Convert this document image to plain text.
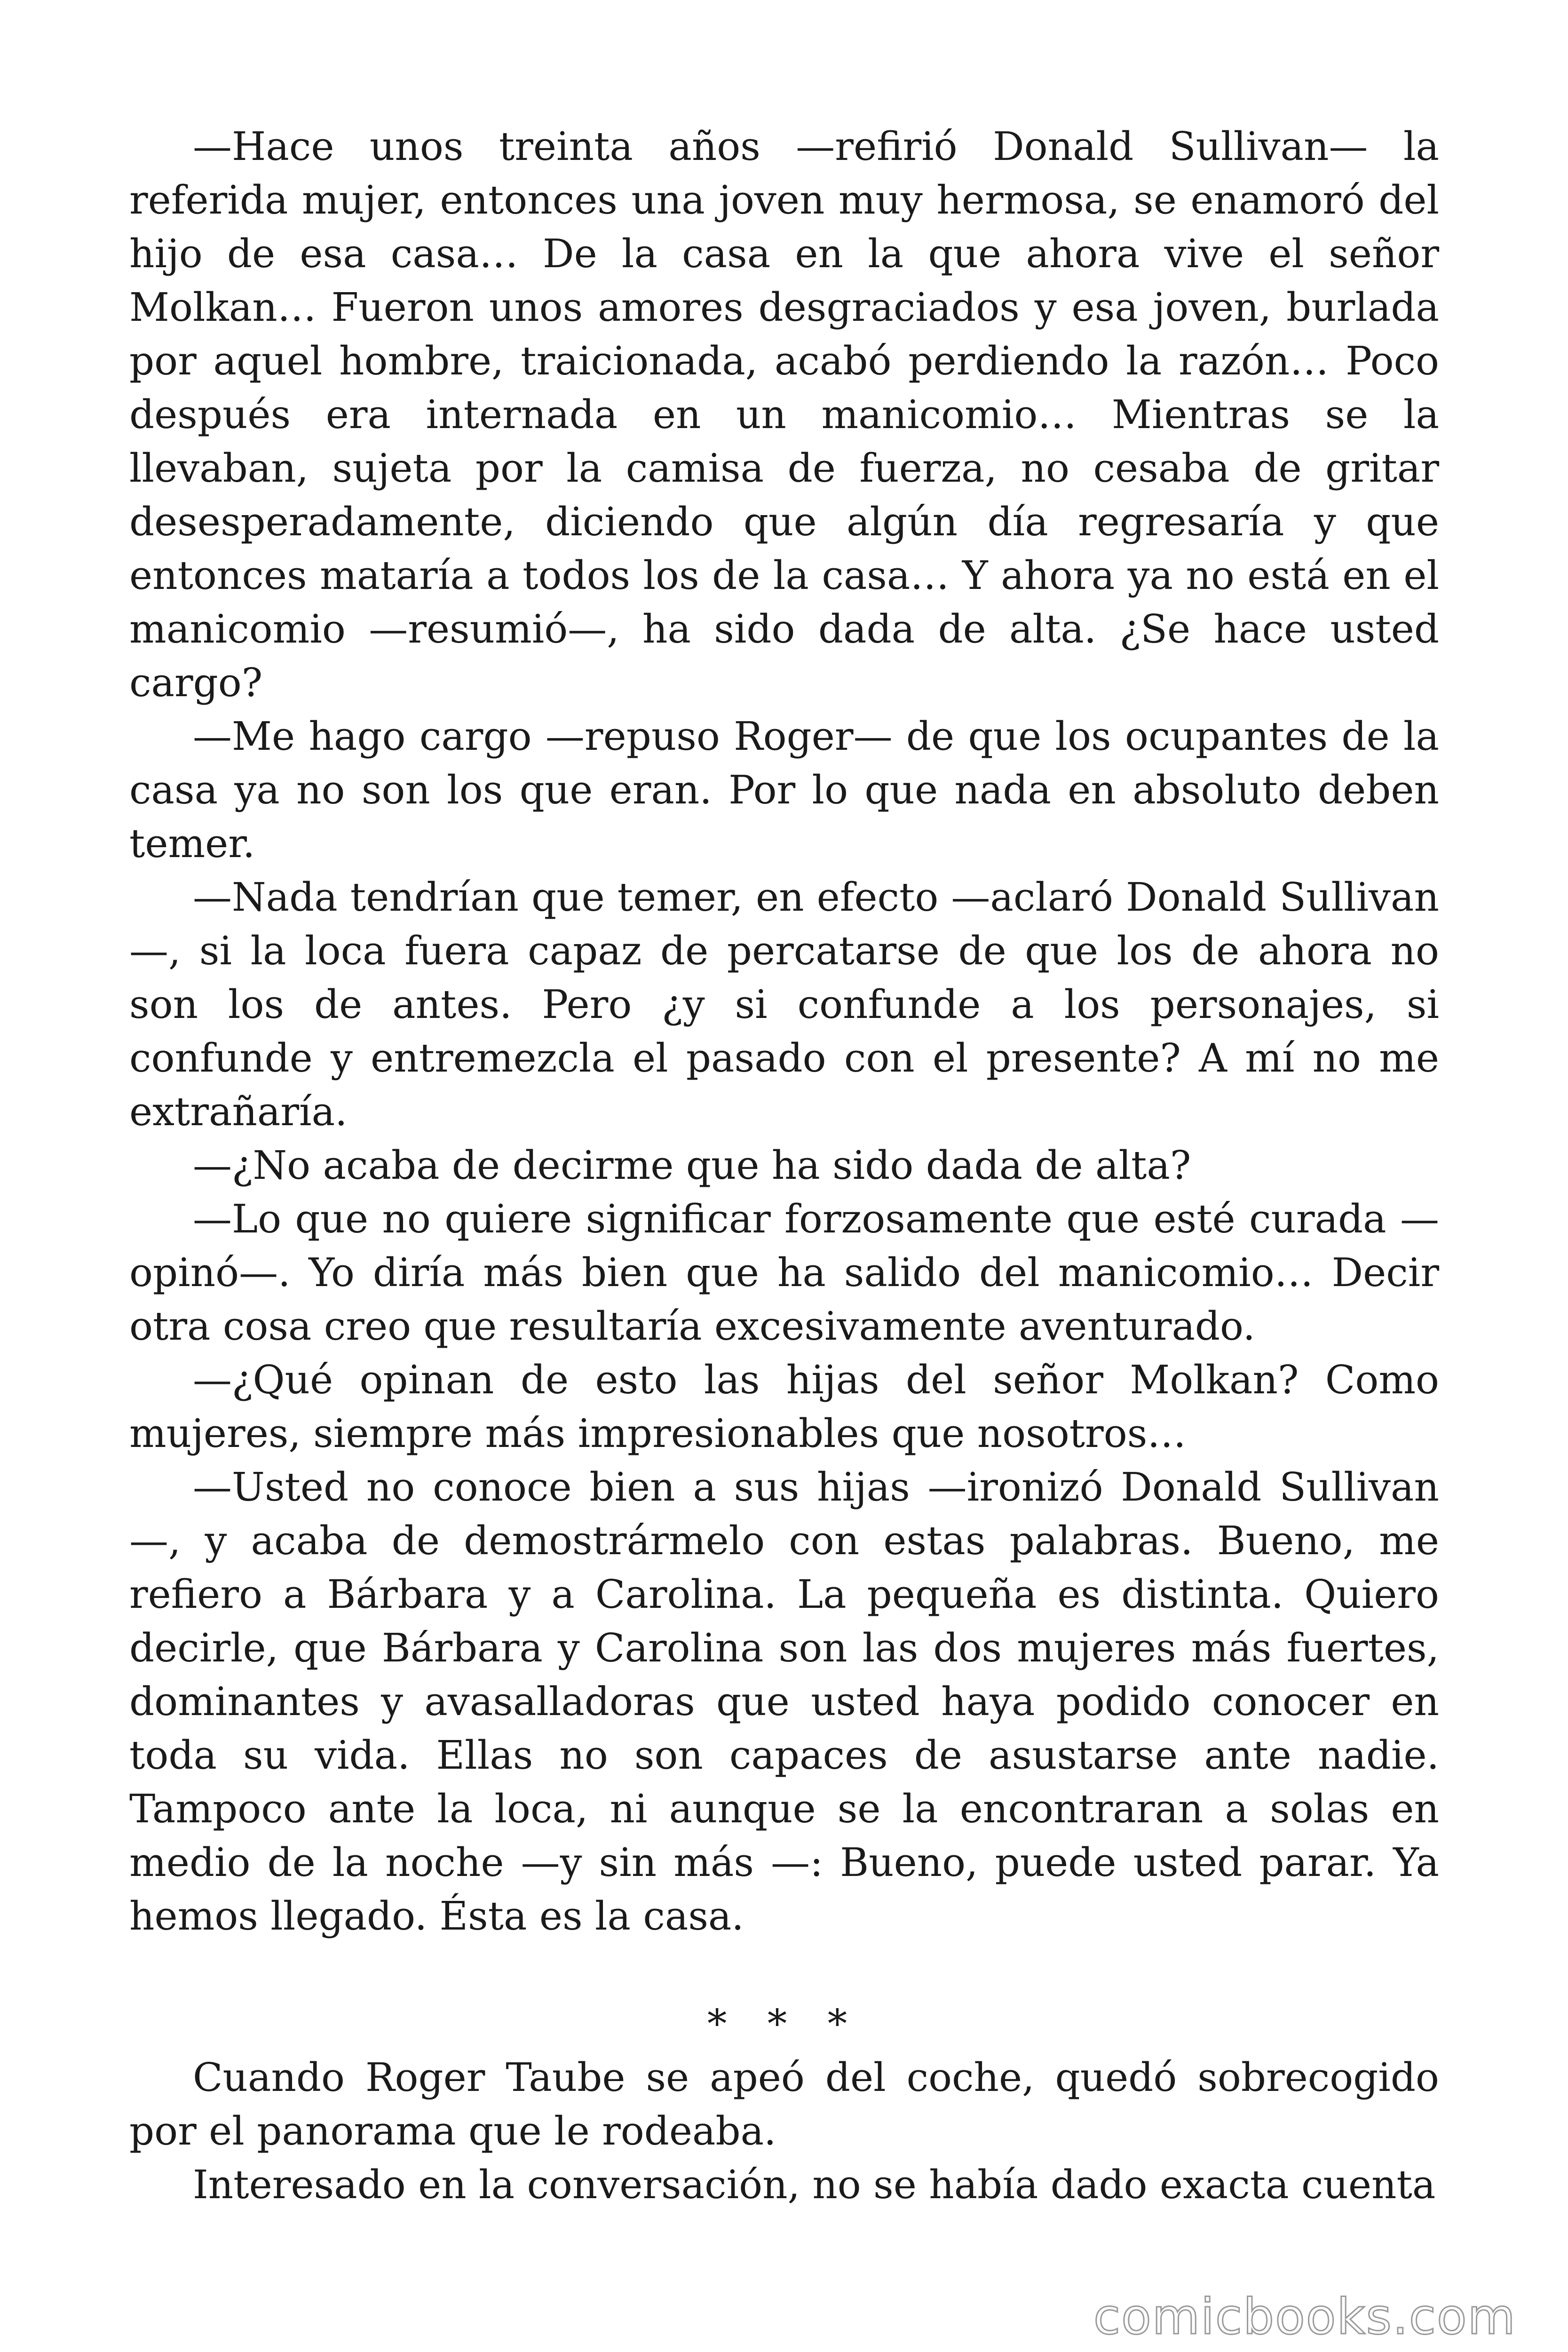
—Hace unos treinta años —refirió Donald Sullivan— la referida mujer, entonces una joven muy hermosa, se enamoró del hijo de esa casa… De la casa en la que ahora vive el señor Molkan… Fueron unos amores desgraciados y esa joven, burlada por aquel hombre, traicionada, acabó perdiendo la razón… Poco después era internada en un manicomio… Mientras se la llevaban, sujeta por la camisa de fuerza, no cesaba de gritar desesperadamente, diciendo que algún día regresaría y que entonces mataría a todos los de la casa… Y ahora ya no está en el manicomio —resumió—, ha sido dada de alta. ¿Se hace usted cargo?

—Me hago cargo —repuso Roger— de que los ocupantes de la casa ya no son los que eran. Por lo que nada en absoluto deben temer.

—Nada tendrían que temer, en efecto —aclaró Donald Sullivan —, si la loca fuera capaz de percatarse de que los de ahora no son los de antes. Pero ¿y si confunde a los personajes, si confunde y entremezcla el pasado con el presente? A mí no me extrañaría.

—¿No acaba de decirme que ha sido dada de alta?

—Lo que no quiere significar forzosamente que esté curada —opinó—. Yo diría más bien que ha salido del manicomio… Decir otra cosa creo que resultaría excesivamente aventurado.

—¿Qué opinan de esto las hijas del señor Molkan? Como mujeres, siempre más impresionables que nosotros…

—Usted no conoce bien a sus hijas —ironizó Donald Sullivan—, y acaba de demostrármelo con estas palabras. Bueno, me refiero a Bárbara y a Carolina. La pequeña es distinta. Quiero decirle, que Bárbara y Carolina son las dos mujeres más fuertes, dominantes y avasalladoras que usted haya podido conocer en toda su vida. Ellas no son capaces de asustarse ante nadie. Tampoco ante la loca, ni aunque se la encontraran a solas en medio de la noche —y sin más —: Bueno, puede usted parar. Ya hemos llegado. Ésta es la casa.

* * *

Cuando Roger Taube se apeó del coche, quedó sobrecogido por el panorama que le rodeaba.

Interesado en la conversación, no se había dado exacta cuenta

comicbooks.com
